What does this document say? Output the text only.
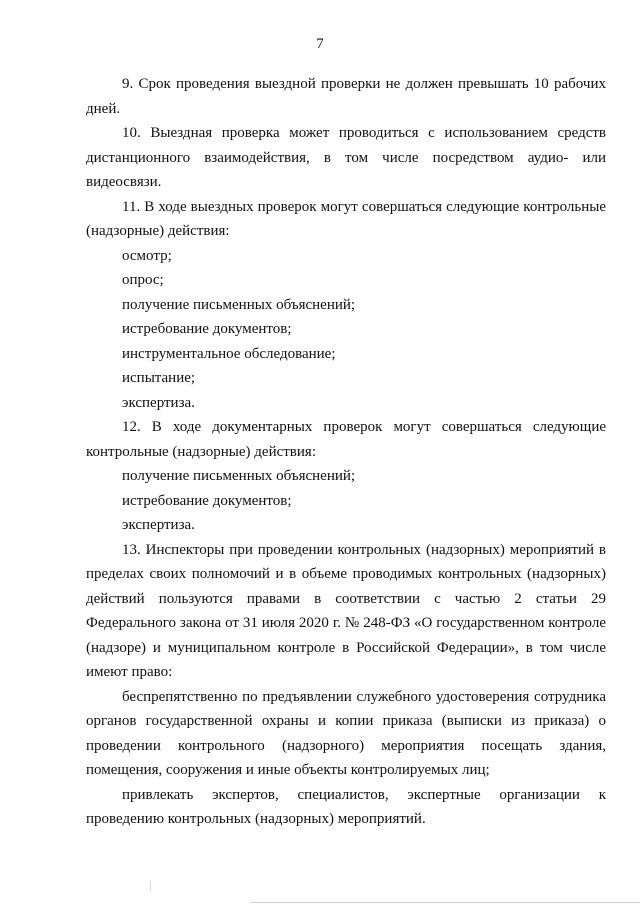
7

9. Срок проведения выездной проверки не должен превышать 10 рабочих дней.

10. Выездная проверка может проводиться с использованием средств дистанционного взаимодействия, в том числе посредством аудио- или видеосвязи.

11. В ходе выездных проверок могут совершаться следующие контрольные (надзорные) действия:

осмотр;

опрос;

получение письменных объяснений;

истребование документов;

инструментальное обследование;

испытание;

экспертиза.

12. В ходе документарных проверок могут совершаться следующие контрольные (надзорные) действия:

получение письменных объяснений;

истребование документов;

экспертиза.

13. Инспекторы при проведении контрольных (надзорных) мероприятий в пределах своих полномочий и в объеме проводимых контрольных (надзорных) действий пользуются правами в соответствии с частью 2 статьи 29 Федерального закона от 31 июля 2020 г. № 248-ФЗ «О государственном контроле (надзоре) и муниципальном контроле в Российской Федерации», в том числе имеют право:

беспрепятственно по предъявлении служебного удостоверения сотрудника органов государственной охраны и копии приказа (выписки из приказа) о проведении контрольного (надзорного) мероприятия посещать здания, помещения, сооружения и иные объекты контролируемых лиц;

привлекать экспертов, специалистов, экспертные организации к проведению контрольных (надзорных) мероприятий.
